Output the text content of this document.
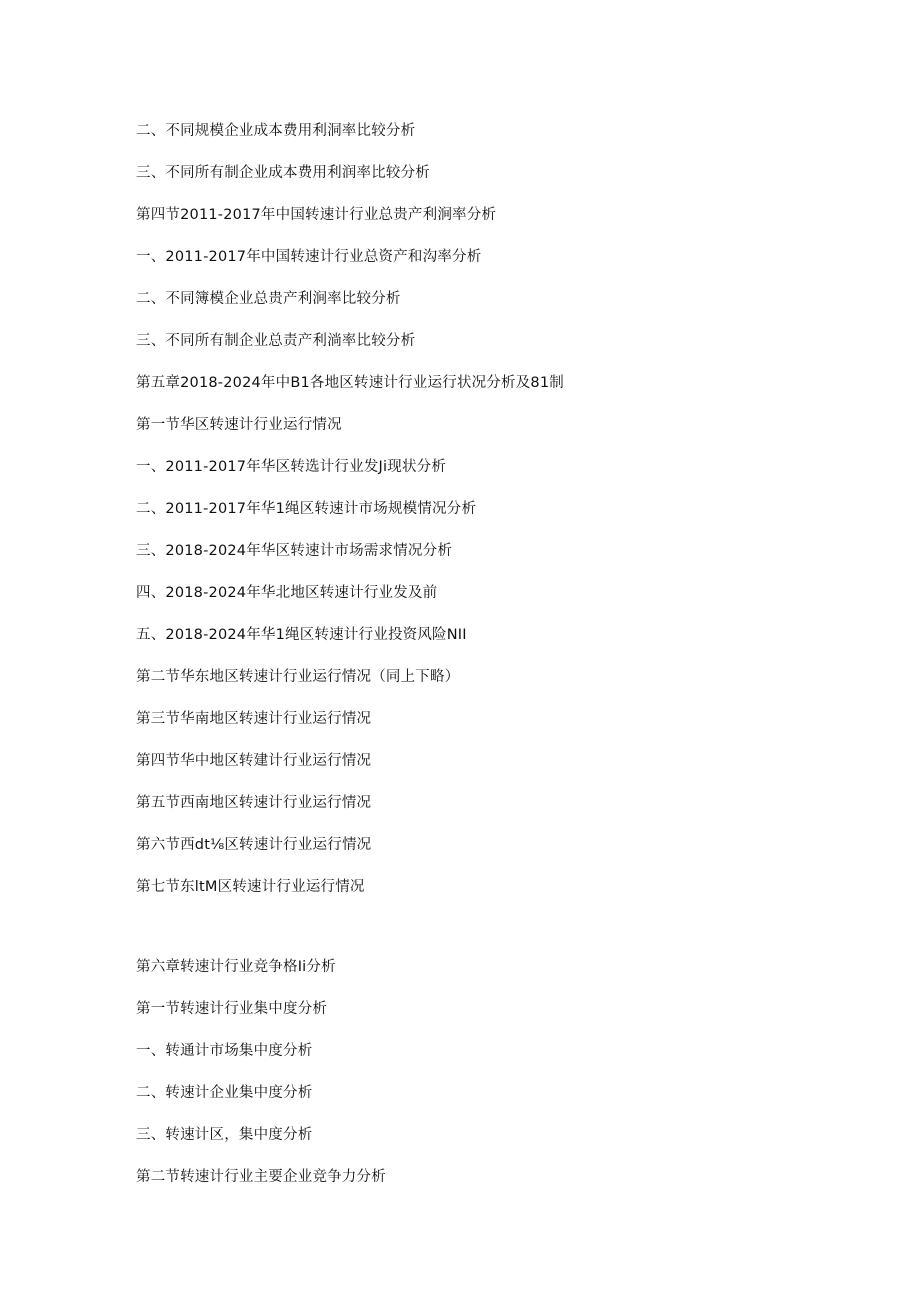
二、不同规模企业成本费用利洞率比较分析
三、不同所有制企业成本费用利润率比较分析
第四节2011-2017年中国转速计行业总贵产利涧率分析
一、2011-2017年中国转速计行业总资产和沟率分析
二、不同簿模企业总贵产利涧率比较分析
三、不同所有制企业总责产利淌率比较分析
第五章2018-2024年中B1各地区转速计行业运行状况分析及81制
第一节华区转速计行业运行情况
一、2011-2017年华区转选计行业发Ji现状分析
二、2011-2017年华1绳区转速计市场规模情况分析
三、2018-2024年华区转速计市场需求情况分析
四、2018-2024年华北地区转速计行业发及前
五、2018-2024年华1绳区转速计行业投资风险NII
第二节华东地区转速计行业运行情况（同上下略）
第三节华南地区转速计行业运行情况
第四节华中地区转建计行业运行情况
第五节西南地区转速计行业运行情况
第六节西dt⅛区转速计行业运行情况
第七节东ltM区转速计行业运行情况
第六章转速计行业竞争格Ii分析
第一节转速计行业集中度分析
一、转通计市场集中度分析
二、转速计企业集中度分析
三、转速计区，集中度分析
第二节转速计行业主要企业竞争力分析
